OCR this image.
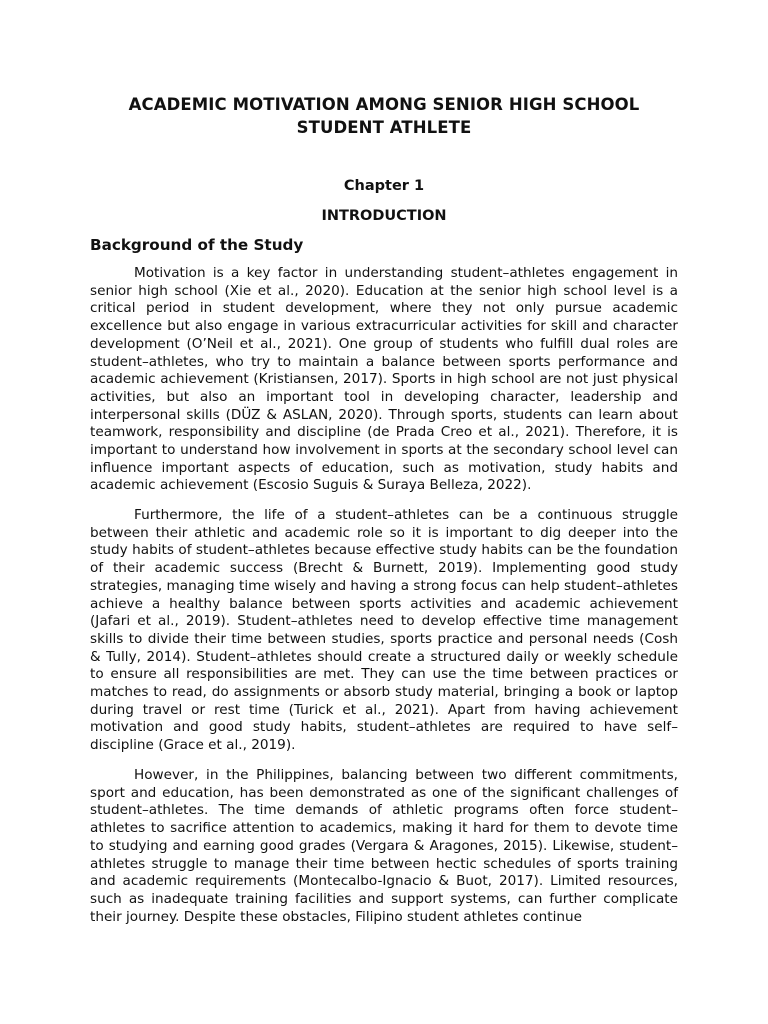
ACADEMIC MOTIVATION AMONG SENIOR HIGH SCHOOL STUDENT ATHLETE
Chapter 1
INTRODUCTION
Background of the Study

Motivation is a key factor in understanding student–athletes engagement in senior high school (Xie et al., 2020). Education at the senior high school level is a critical period in student development, where they not only pursue academic excellence but also engage in various extracurricular activities for skill and character development (O’Neil et al., 2021). One group of students who fulfill dual roles are student–athletes, who try to maintain a balance between sports performance and academic achievement (Kristiansen, 2017). Sports in high school are not just physical activities, but also an important tool in developing character, leadership and interpersonal skills (DÜZ & ASLAN, 2020). Through sports, students can learn about teamwork, responsibility and discipline (de Prada Creo et al., 2021). Therefore, it is important to understand how involvement in sports at the secondary school level can influence important aspects of education, such as motivation, study habits and academic achievement (Escosio Suguis & Suraya Belleza, 2022).

Furthermore, the life of a student–athletes can be a continuous struggle between their athletic and academic role so it is important to dig deeper into the study habits of student–athletes because effective study habits can be the foundation of their academic success (Brecht & Burnett, 2019). Implementing good study strategies, managing time wisely and having a strong focus can help student–athletes achieve a healthy balance between sports activities and academic achievement (Jafari et al., 2019). Student–athletes need to develop effective time management skills to divide their time between studies, sports practice and personal needs (Cosh & Tully, 2014). Student–athletes should create a structured daily or weekly schedule to ensure all responsibilities are met. They can use the time between practices or matches to read, do assignments or absorb study material, bringing a book or laptop during travel or rest time (Turick et al., 2021). Apart from having achievement motivation and good study habits, student–athletes are required to have self–discipline (Grace et al., 2019).

However, in the Philippines, balancing between two different commitments, sport and education, has been demonstrated as one of the significant challenges of student–athletes. The time demands of athletic programs often force student–athletes to sacrifice attention to academics, making it hard for them to devote time to studying and earning good grades (Vergara & Aragones, 2015). Likewise, student–athletes struggle to manage their time between hectic schedules of sports training and academic requirements (Montecalbo-Ignacio & Buot, 2017). Limited resources, such as inadequate training facilities and support systems, can further complicate their journey. Despite these obstacles, Filipino student athletes continue
